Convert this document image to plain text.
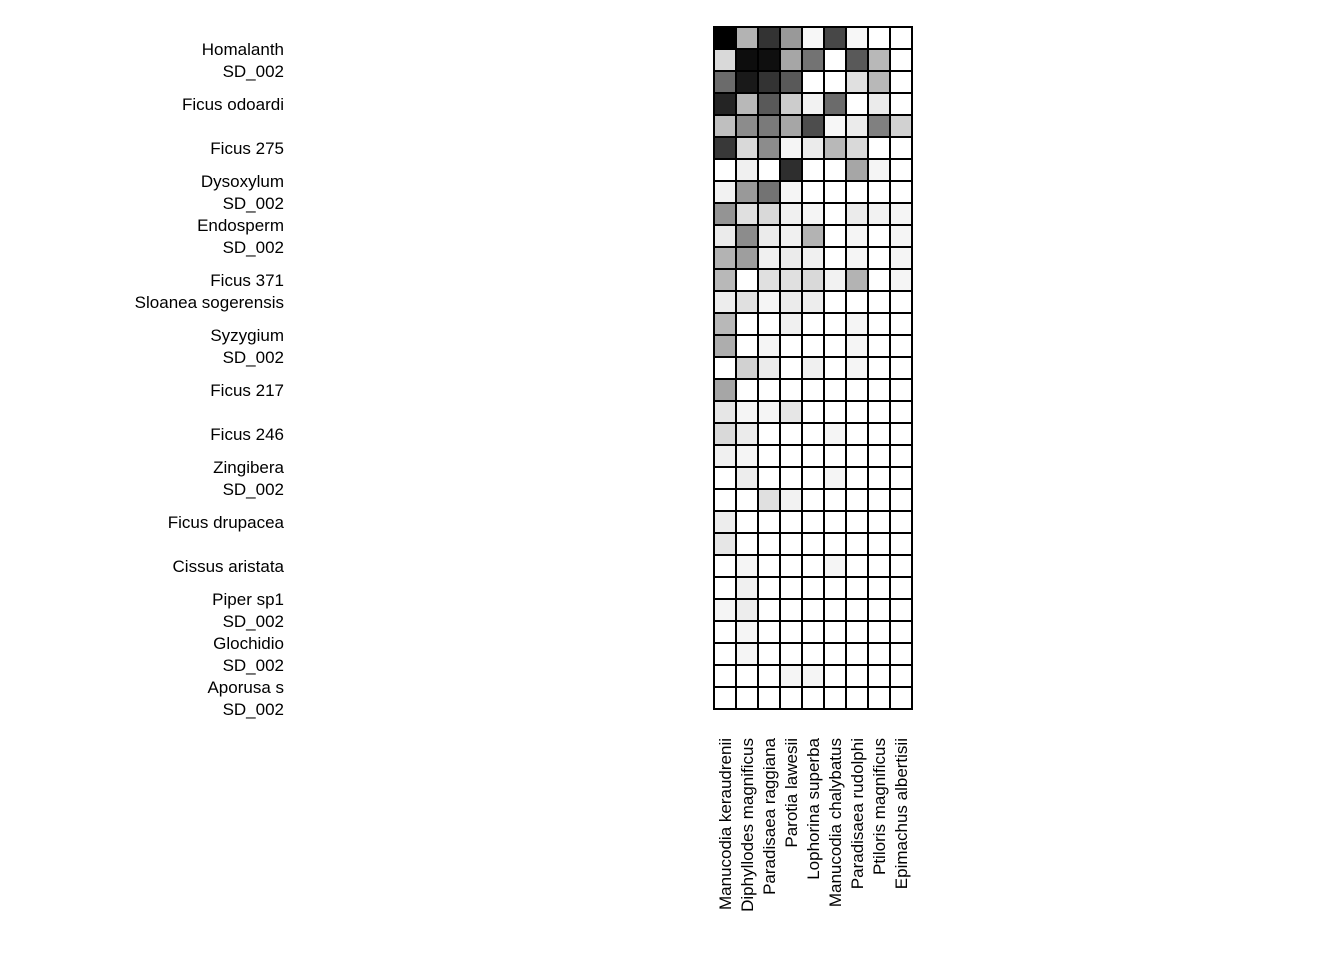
Homalanth
SD_002
Ficus odoardi
Ficus 275
Dysoxylum
SD_002
Endosperm
SD_002
Ficus 371
Sloanea sogerensis
Syzygium
SD_002
Ficus 217
Ficus 246
Zingibera
SD_002
Ficus drupacea
Cissus aristata
Piper sp1
SD_002
Glochidio
SD_002
Aporusa s
SD_002
Manucodia keraudrenii Diphyllodes magnificus Paradisaea raggiana Parotia lawesii Lophorina superba Manucodia chalybatus Paradisaea rudolphi Ptiloris magnificus Epimachus albertisii
